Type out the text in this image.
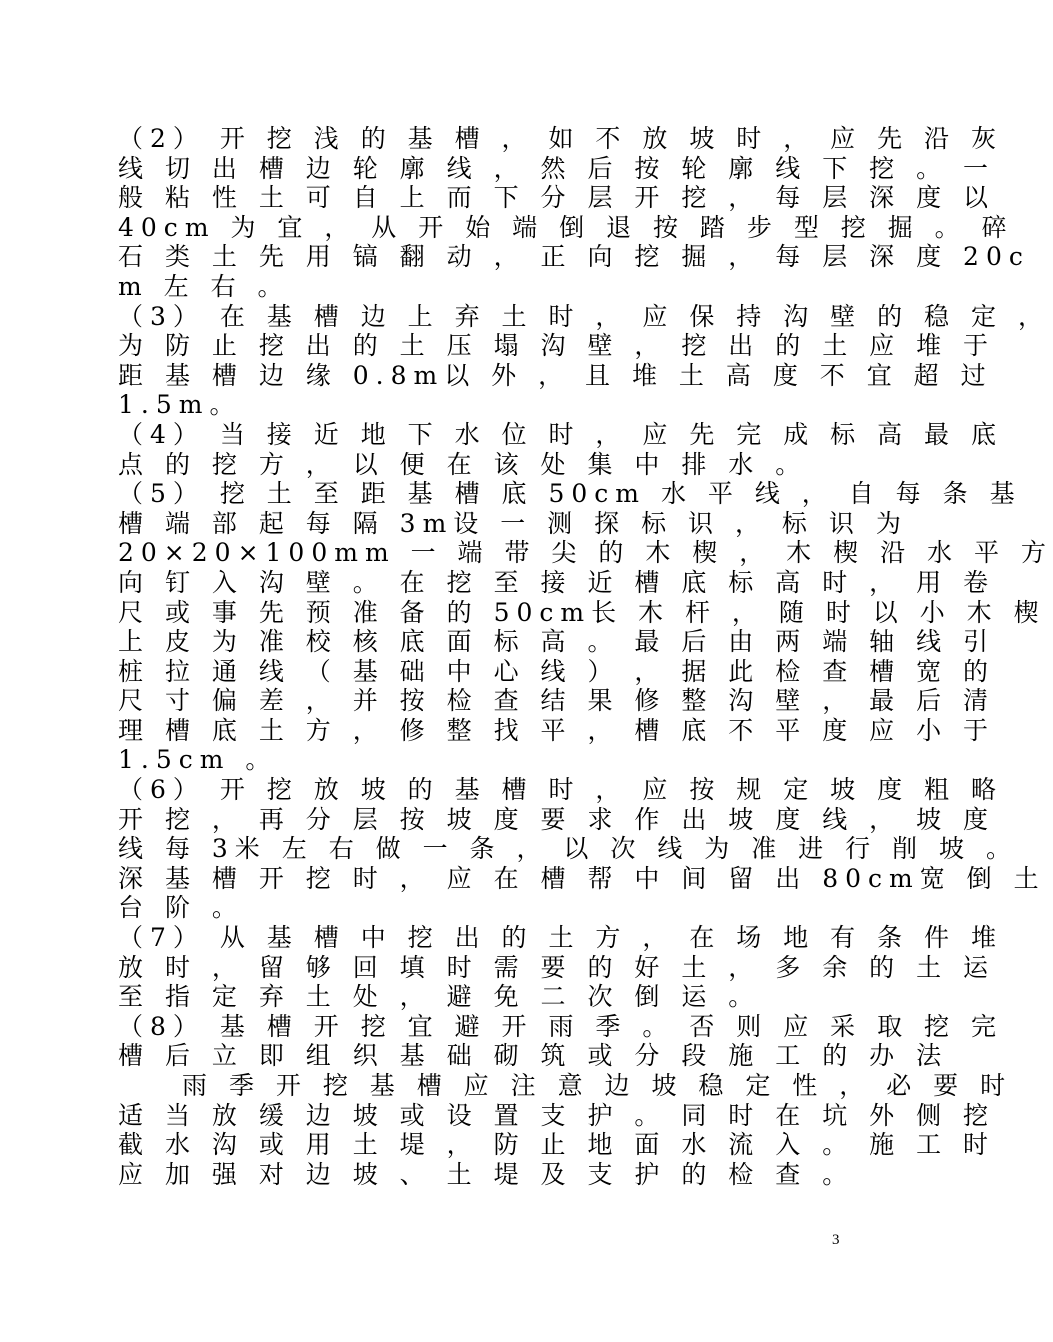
（2） 开 挖 浅 的 基 槽 ， 如 不 放 坡 时 ， 应 先 沿 灰
线 切 出 槽 边 轮 廓 线 ， 然 后 按 轮 廓 线 下 挖 。 一
般 粘 性 土 可 自 上 而 下 分 层 开 挖 ， 每 层 深 度 以
40cm 为 宜 ， 从 开 始 端 倒 退 按 踏 步 型 挖 掘 。 碎
石 类 土 先 用 镐 翻 动 ， 正 向 挖 掘 ， 每 层 深 度 20c
m 左 右 。
（3） 在 基 槽 边 上 弃 土 时 ， 应 保 持 沟 壁 的 稳 定 ，
为 防 止 挖 出 的 土 压 塌 沟 壁 ， 挖 出 的 土 应 堆 于
距 基 槽 边 缘 0.8m以 外 ， 且 堆 土 高 度 不 宜 超 过
1.5m。
（4） 当 接 近 地 下 水 位 时 ， 应 先 完 成 标 高 最 底
点 的 挖 方 ， 以 便 在 该 处 集 中 排 水 。
（5） 挖 土 至 距 基 槽 底 50cm 水 平 线 ， 自 每 条 基
槽 端 部 起 每 隔 3m设 一 测 探 标 识 ， 标 识 为
20×20×100mm 一 端 带 尖 的 木 楔 ， 木 楔 沿 水 平 方
向 钉 入 沟 壁 。 在 挖 至 接 近 槽 底 标 高 时 ， 用 卷
尺 或 事 先 预 准 备 的 50cm长 木 杆 ， 随 时 以 小 木 楔
上 皮 为 准 校 核 底 面 标 高 。 最 后 由 两 端 轴 线 引
桩 拉 通 线 （ 基 础 中 心 线 ） ， 据 此 检 查 槽 宽 的
尺 寸 偏 差 ， 并 按 检 查 结 果 修 整 沟 壁 ， 最 后 清
理 槽 底 土 方 ， 修 整 找 平 ， 槽 底 不 平 度 应 小 于
1.5cm 。
（6） 开 挖 放 坡 的 基 槽 时 ， 应 按 规 定 坡 度 粗 略
开 挖 ， 再 分 层 按 坡 度 要 求 作 出 坡 度 线 ， 坡 度
线 每 3米 左 右 做 一 条 ， 以 次 线 为 准 进 行 削 坡 。
深 基 槽 开 挖 时 ， 应 在 槽 帮 中 间 留 出 80cm宽 倒 土
台 阶 。
（7） 从 基 槽 中 挖 出 的 土 方 ， 在 场 地 有 条 件 堆
放 时 ， 留 够 回 填 时 需 要 的 好 土 ， 多 余 的 土 运
至 指 定 弃 土 处 ， 避 免 二 次 倒 运 。
（8） 基 槽 开 挖 宜 避 开 雨 季 。 否 则 应 采 取 挖 完
槽 后 立 即 组 织 基 础 砌 筑 或 分 段 施 工 的 办 法
　　雨 季 开 挖 基 槽 应 注 意 边 坡 稳 定 性 ， 必 要 时
适 当 放 缓 边 坡 或 设 置 支 护 。 同 时 在 坑 外 侧 挖
截 水 沟 或 用 土 堤 ， 防 止 地 面 水 流 入 。 施 工 时
应 加 强 对 边 坡 、 土 堤 及 支 护 的 检 查 。
3
